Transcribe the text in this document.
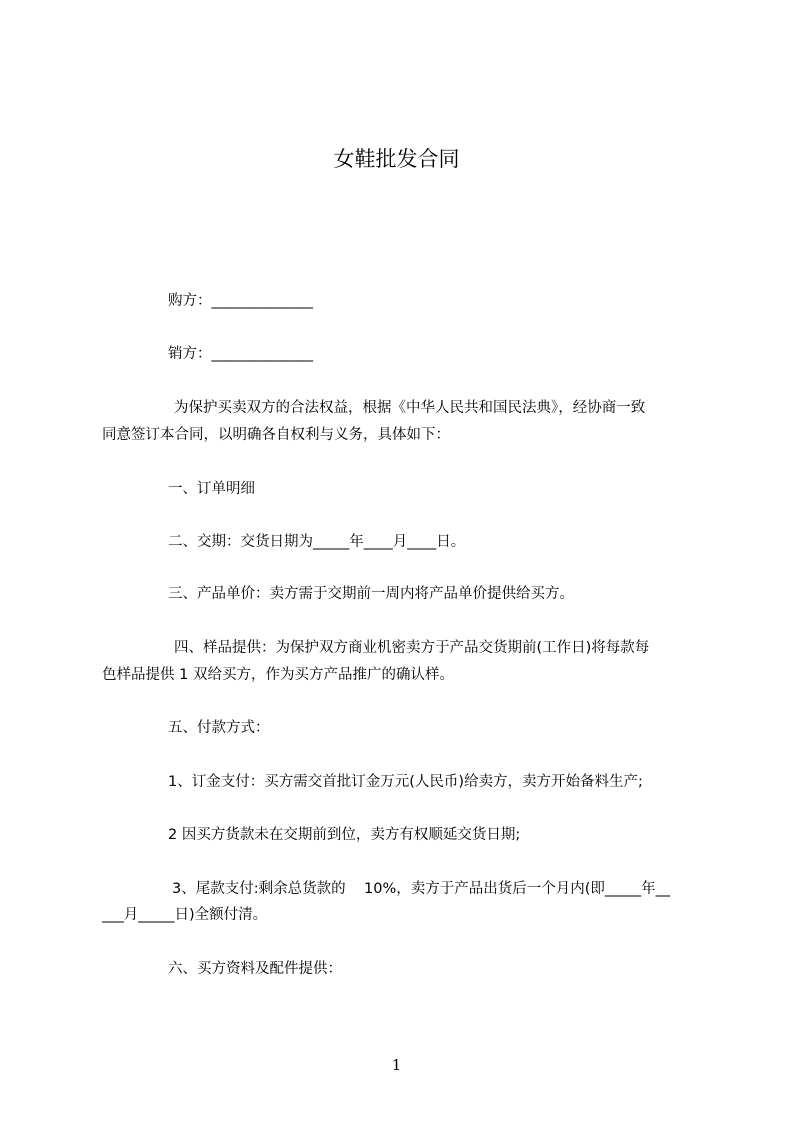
女鞋批发合同
购方：______________
销方：______________
为保护买卖双方的合法权益，根据《中华人民共和国民法典》，经协商一致
同意签订本合同，以明确各自权利与义务，具体如下：
一、订单明细
二、交期：交货日期为_____年____月____日。
三、产品单价：卖方需于交期前一周内将产品单价提供给买方。
四、样品提供：为保护双方商业机密卖方于产品交货期前(工作日)将每款每
色样品提供 1 双给买方，作为买方产品推广的确认样。
五、付款方式：
1、订金支付：买方需交首批订金万元(人民币)给卖方，卖方开始备料生产;
2 因买方货款未在交期前到位，卖方有权顺延交货日期;
3、尾款支付:剩余总货款的    10%，卖方于产品出货后一个月内(即_____年__
___月_____日)全额付清。
六、买方资料及配件提供：
1
